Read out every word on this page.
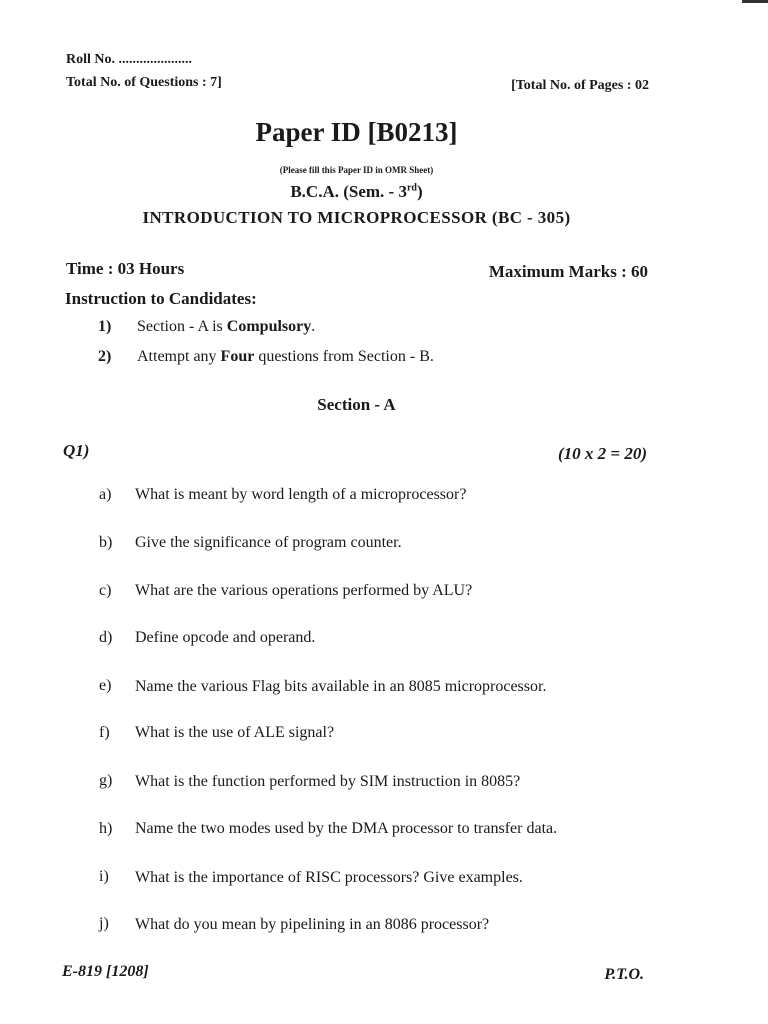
Roll No. .....................
Total No. of Questions : 7]	[Total No. of Pages : 02
Paper ID [B0213]
(Please fill this Paper ID in OMR Sheet)
B.C.A. (Sem. - 3rd)
INTRODUCTION TO MICROPROCESSOR (BC - 305)
Time : 03 Hours	Maximum Marks : 60
Instruction to Candidates:
1) Section - A is Compulsory.
2) Attempt any Four questions from Section - B.
Section - A
Q1)	(10 x 2 = 20)
a) What is meant by word length of a microprocessor?
b) Give the significance of program counter.
c) What are the various operations performed by ALU?
d) Define opcode and operand.
e) Name the various Flag bits available in an 8085 microprocessor.
f) What is the use of ALE signal?
g) What is the function performed by SIM instruction in 8085?
h) Name the two modes used by the DMA processor to transfer data.
i) What is the importance of RISC processors? Give examples.
j) What do you mean by pipelining in an 8086 processor?
E-819 [1208]	P.T.O.
